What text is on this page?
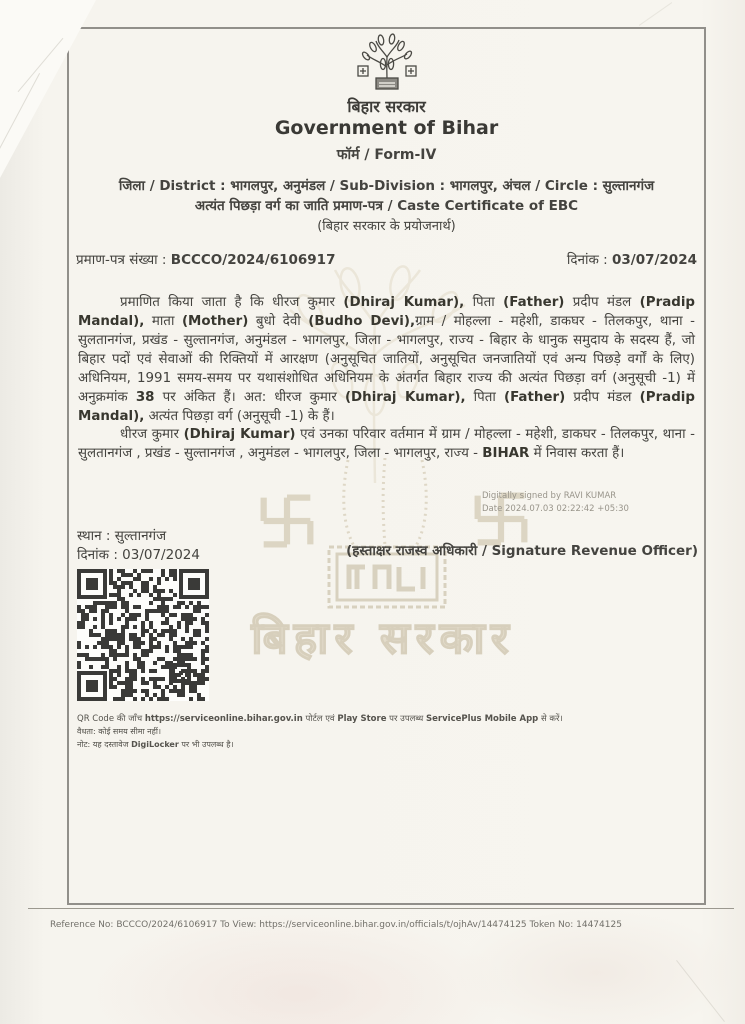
बिहार सरकार
बिहार सरकार
Government of Bihar
फॉर्म / Form-IV
जिला / District : भागलपुर, अनुमंडल / Sub-Division : भागलपुर, अंचल / Circle : सुल्तानगंज
अत्यंत पिछड़ा वर्ग का जाति प्रमाण-पत्र / Caste Certificate of EBC
(बिहार सरकार के प्रयोजनार्थ)
प्रमाण-पत्र संख्या : BCCCO/2024/6106917	दिनांक : 03/07/2024
प्रमाणित किया जाता है कि धीरज कुमार (Dhiraj Kumar), पिता (Father) प्रदीप मंडल (Pradip Mandal), माता (Mother) बुधो देवी (Budho Devi),ग्राम / मोहल्ला - महेशी, डाकघर - तिलकपुर, थाना - सुलतानगंज, प्रखंड - सुल्तानगंज, अनुमंडल - भागलपुर, जिला - भागलपुर, राज्य - बिहार के धानुक समुदाय के सदस्य हैं, जो बिहार पदों एवं सेवाओं की रिक्तियों में आरक्षण (अनुसूचित जातियों, अनुसूचित जनजातियों एवं अन्य पिछड़े वर्गों के लिए) अधिनियम, 1991 समय-समय पर यथासंशोधित अधिनियम के अंतर्गत बिहार राज्य की अत्यंत पिछड़ा वर्ग (अनुसूची -1) में अनुक्रमांक 38 पर अंकित हैं। अत: धीरज कुमार (Dhiraj Kumar), पिता (Father) प्रदीप मंडल (Pradip Mandal), अत्यंत पिछड़ा वर्ग (अनुसूची -1) के हैं।
धीरज कुमार (Dhiraj Kumar) एवं उनका परिवार वर्तमान में ग्राम / मोहल्ला - महेशी, डाकघर - तिलकपुर, थाना - सुलतानगंज , प्रखंड - सुल्तानगंज , अनुमंडल - भागलपुर, जिला - भागलपुर, राज्य - BIHAR में निवास करता हैं।
Digitally signed by RAVI KUMAR
Date 2024.07.03 02:22:42 +05:30
स्थान : सुल्तानगंज
दिनांक : 03/07/2024	(हस्ताक्षर राजस्व अधिकारी / Signature Revenue Officer)
QR Code की जाँच https://serviceonline.bihar.gov.in पोर्टल एवं Play Store पर उपलब्ध ServicePlus Mobile App से करें।
वैधता: कोई समय सीमा नहीं।
नोट: यह दस्तावेज DigiLocker पर भी उपलब्ध है।
Reference No: BCCCO/2024/6106917 To View: https://serviceonline.bihar.gov.in/officials/t/ojhAv/14474125 Token No: 14474125
